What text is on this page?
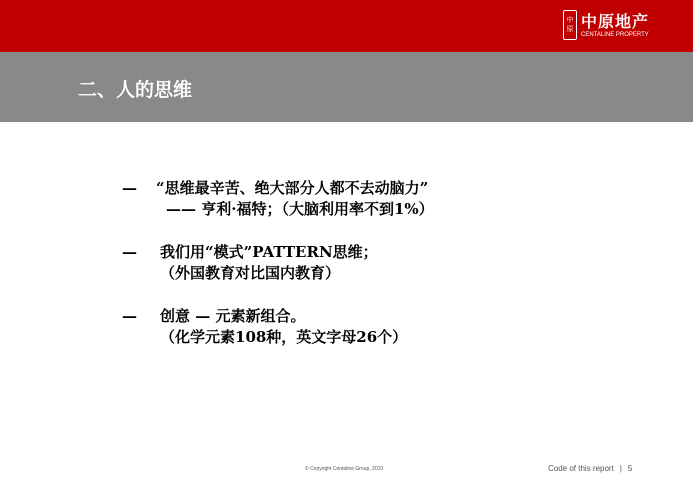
中
原 中原地产
CENTALINE PROPERTY
二、人的思维
—	“思维最辛苦、绝大部分人都不去动脑力”
—— 亨利·福特；（大脑利用率不到1%）
—	我们用“模式”PATTERN思维；
（外国教育对比国内教育）
—	创意 — 元素新组合。
（化学元素108种，英文字母26个）
© Copyright Centaline Group, 2010	Code of this report | 5
